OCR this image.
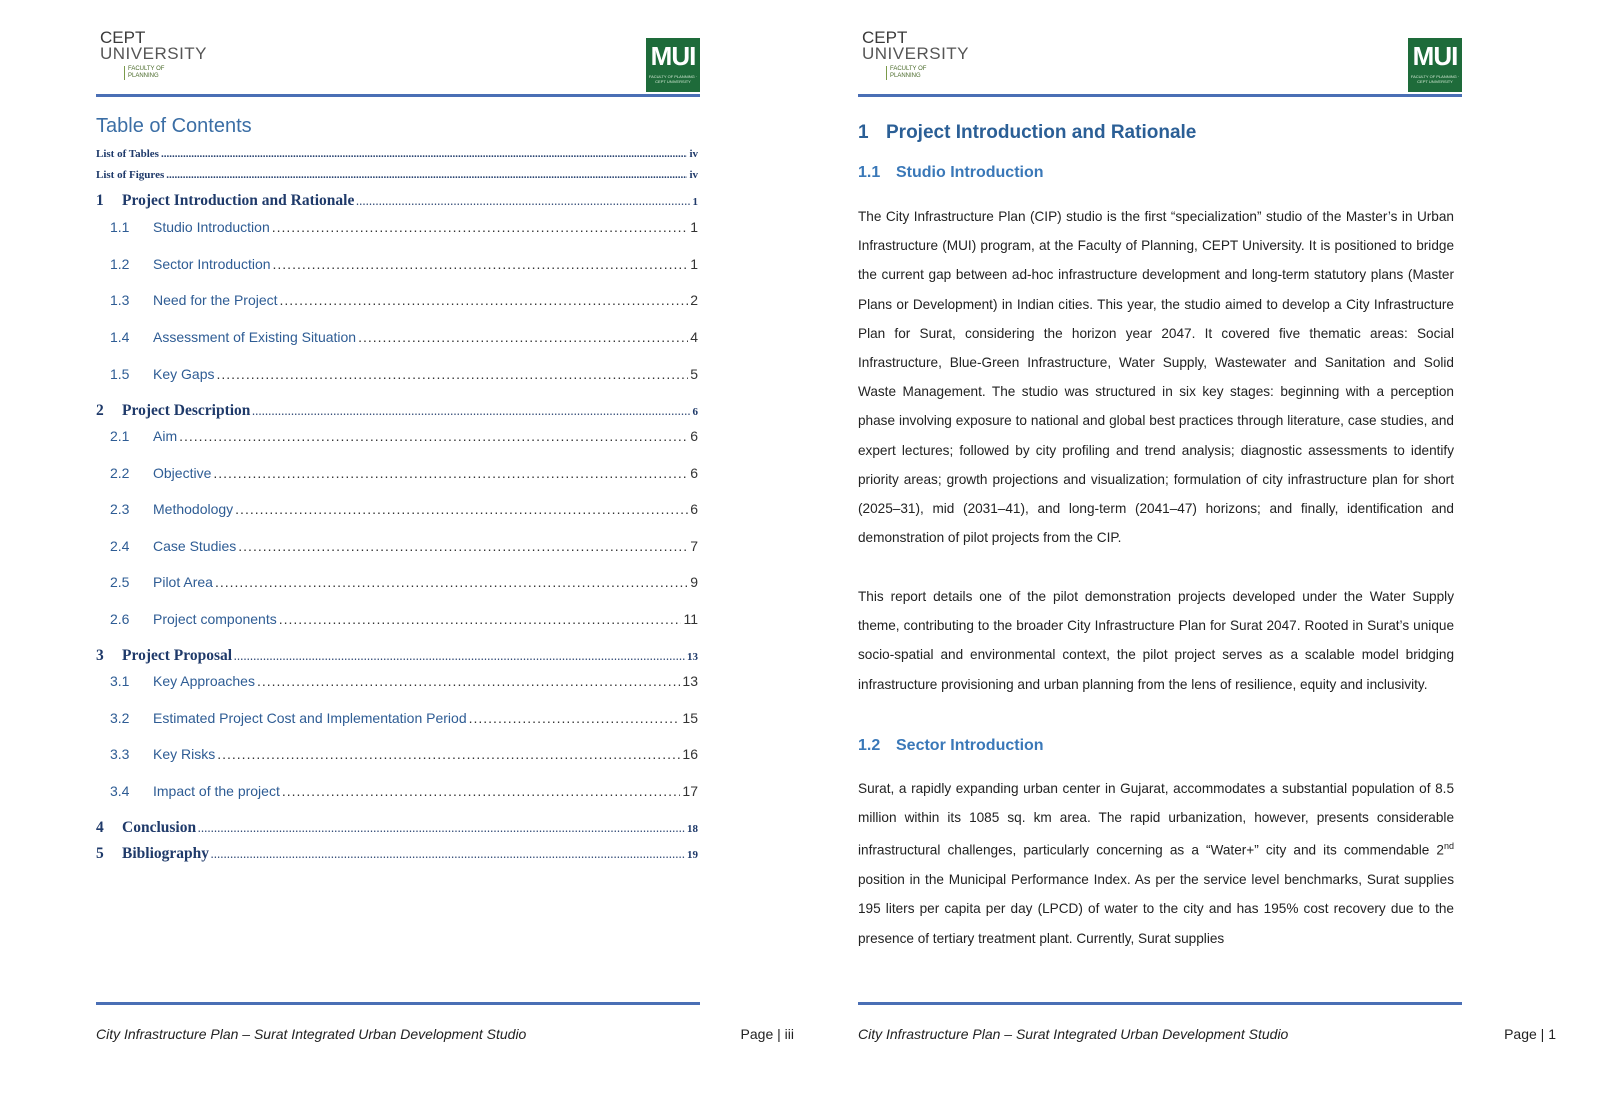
CEPT
UNIVERSITY
FACULTY OF PLANNING
MUI
FACULTY OF PLANNING · CEPT UNIVERSITY
Table of Contents
List of Tables .....	iv
List of Figures .....	iv
1	Project Introduction and Rationale .....	1
1.1	Studio Introduction .....	1
1.2	Sector Introduction .....	1
1.3	Need for the Project .....	2
1.4	Assessment of Existing Situation .....	4
1.5	Key Gaps .....	5
2	Project Description .....	6
2.1	Aim .....	6
2.2	Objective .....	6
2.3	Methodology .....	6
2.4	Case Studies .....	7
2.5	Pilot Area .....	9
2.6	Project components .....	11
3	Project Proposal .....	13
3.1	Key Approaches .....	13
3.2	Estimated Project Cost and Implementation Period .....	15
3.3	Key Risks .....	16
3.4	Impact of the project .....	17
4	Conclusion .....	18
5	Bibliography .....	19
City Infrastructure Plan – Surat Integrated Urban Development Studio	Page | iii
CEPT
UNIVERSITY
FACULTY OF PLANNING
MUI
FACULTY OF PLANNING · CEPT UNIVERSITY
1 Project Introduction and Rationale
1.1 Studio Introduction

The City Infrastructure Plan (CIP) studio is the first “specialization” studio of the Master’s in Urban Infrastructure (MUI) program, at the Faculty of Planning, CEPT University. It is positioned to bridge the current gap between ad-hoc infrastructure development and long-term statutory plans (Master Plans or Development) in Indian cities. This year, the studio aimed to develop a City Infrastructure Plan for Surat, considering the horizon year 2047. It covered five thematic areas: Social Infrastructure, Blue-Green Infrastructure, Water Supply, Wastewater and Sanitation and Solid Waste Management. The studio was structured in six key stages: beginning with a perception phase involving exposure to national and global best practices through literature, case studies, and expert lectures; followed by city profiling and trend analysis; diagnostic assessments to identify priority areas; growth projections and visualization; formulation of city infrastructure plan for short (2025–31), mid (2031–41), and long-term (2041–47) horizons; and finally, identification and demonstration of pilot projects from the CIP.

This report details one of the pilot demonstration projects developed under the Water Supply theme, contributing to the broader City Infrastructure Plan for Surat 2047. Rooted in Surat’s unique socio-spatial and environmental context, the pilot project serves as a scalable model bridging infrastructure provisioning and urban planning from the lens of resilience, equity and inclusivity.

1.2 Sector Introduction

Surat, a rapidly expanding urban center in Gujarat, accommodates a substantial population of 8.5 million within its 1085 sq. km area. The rapid urbanization, however, presents considerable infrastructural challenges, particularly concerning as a “Water+” city and its commendable 2nd position in the Municipal Performance Index. As per the service level benchmarks, Surat supplies 195 liters per capita per day (LPCD) of water to the city and has 195% cost recovery due to the presence of tertiary treatment plant. Currently, Surat supplies

City Infrastructure Plan – Surat Integrated Urban Development Studio	Page | 1
